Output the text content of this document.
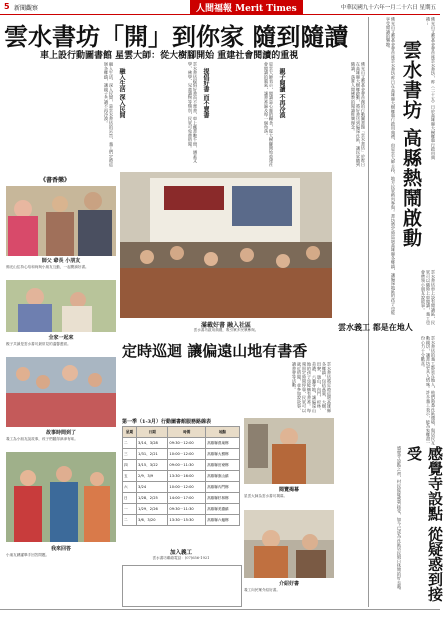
5 新聞觀察	人間福報 Merit Times	中華民國九十六年一月二十六日 星期五
雲水書坊「開」到你家 隨到隨讀
車上設行動圖書館 星雲大師：從大樹腳開始 重建社會閱讀的重視
佛光山文教基金會首創的行動圖書館「雲水書坊」於昨日在高雄縣大樹鄉啟動，將好書送到偏遠社區，讓民眾隨到隨讀，落實人間佛教的閱讀推廣理念。
親子閱讀 不再冷漠
星雲大師表示，閱讀是心靈的糧食，從大樹腳開始重建社會閱讀的風氣，讓書香遍及每一個角落。
提倡好書 而不賣書
雲水書坊提倡好書而不賣書，車上藏書數千冊，涵蓋文學、佛學、兒童讀物等類別，民眾可免費借閱。
融入生活 深入民間
融入生活、深入民間，是雲水書坊的宗旨，義工們定時巡迴各鄉鎮，讓親子共讀不再冷漠。	佛光山文教基金會首座雲水書坊，昨（二十五）日於高雄縣大樹鄉舉行啟用典禮…
雲水書坊 高縣熱鬧啟動
佛光山文教基金會首座雲水書坊昨日在高雄縣大樹鄉舉行啟用典禮，由星雲大師主持，地方民眾熱烈參與。書坊將定時巡迴高雄縣各鄉鎮，讓偏遠地區的孩子也能享受閱讀的樂趣。
雲水書坊車上設有閱讀區，民眾可以隨時上車閱讀，義工也會帶領小朋友說故事。
雲水義工 都是在地人
雲水書坊的義工都是在地人，他們熟悉社區環境，與居民互動親切，讓書坊更具人情味。許多義工表示，能為家鄉盡一份心力十分歡喜。
感覺寺設點 從疑惑到接受
感覺寺設點之初，村民從疑惑到接受，如今已成為社區居民假日休閒的好去處。
《書香樂》
師父 爺長 小朋友
佛光山住持心培和尚與小朋友互動，一起閱讀好書。
全家一起來
親子共讀是雲水書坊最常見的溫馨畫面。
故事時間到了
義工為小朋友說故事，孩子們聽得津津有味。
我來回答
小朋友踴躍舉手回答問題。
滿載好書 融入社區
雲水書坊啟用典禮，吸引眾多民眾參與。
定時巡迴 讓偏遠山地有書香
雲水書坊將定時巡迴高雄縣各鄉鎮，包括燕巢、大樹、田寮、旗山、內門、杉林、美濃、六龜等地，讓偏遠山地的孩子也能擁有書香。每週固定時間停靠，民眾可以就近借閱，並參加說故事、讀書會等活動。
第一季（1-3月）行動圖書館服務路線表
星期	日期	時間	地點
二	3/14、3/28	09:30－12:00	高雄縣燕巢鄉
三	1/31、2/21	10:00－12:00	高雄縣大樹鄉
四	3/15、3/22	09:00－11:30	高雄縣田寮鄉
五	2/9、3/9	13:30－16:00	高雄縣旗山鎮
六	3/24	10:00－12:00	高雄縣內門鄉
日	1/28、2/25	14:00－17:00	高雄縣杉林鄉
一	1/29、2/26	09:30－11:30	高雄縣美濃鎮
二	3/6、3/20	13:30－15:30	高雄縣六龜鄉
加入義工
雲水書坊聯絡電話：(07)656-1921
閱覽揭幕
星雲大師為雲水書坊揭幕。
介紹好書
義工向民眾介紹好書。
